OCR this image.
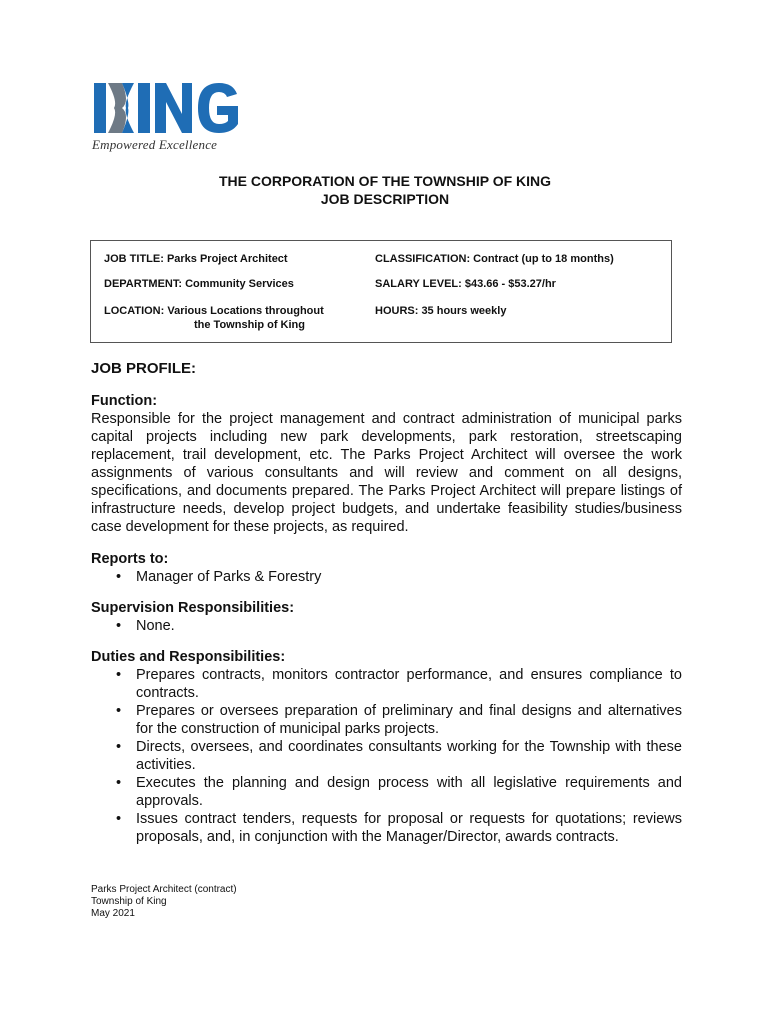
Empowered Excellence
THE CORPORATION OF THE TOWNSHIP OF KING
JOB DESCRIPTION
JOB TITLE: Parks Project Architect	CLASSIFICATION: Contract (up to 18 months)
DEPARTMENT: Community Services	SALARY LEVEL: $43.66 - $53.27/hr
LOCATION: Various Locations throughout
the Township of King
HOURS: 35 hours weekly
JOB PROFILE:
Function:

Responsible for the project management and contract administration of municipal parks capital projects including new park developments, park restoration, streetscaping replacement, trail development, etc. The Parks Project Architect will oversee the work assignments of various consultants and will review and comment on all designs, specifications, and documents prepared. The Parks Project Architect will prepare listings of infrastructure needs, develop project budgets, and undertake feasibility studies/business case development for these projects, as required.

Reports to:
• Manager of Parks & Forestry
Supervision Responsibilities:
• None.
Duties and Responsibilities:
• Prepares contracts, monitors contractor performance, and ensures compliance to contracts.
• Prepares or oversees preparation of preliminary and final designs and alternatives for the construction of municipal parks projects.
• Directs, oversees, and coordinates consultants working for the Township with these activities.
• Executes the planning and design process with all legislative requirements and approvals.
• Issues contract tenders, requests for proposal or requests for quotations; reviews proposals, and, in conjunction with the Manager/Director, awards contracts.
Parks Project Architect (contract)
Township of King
May 2021
